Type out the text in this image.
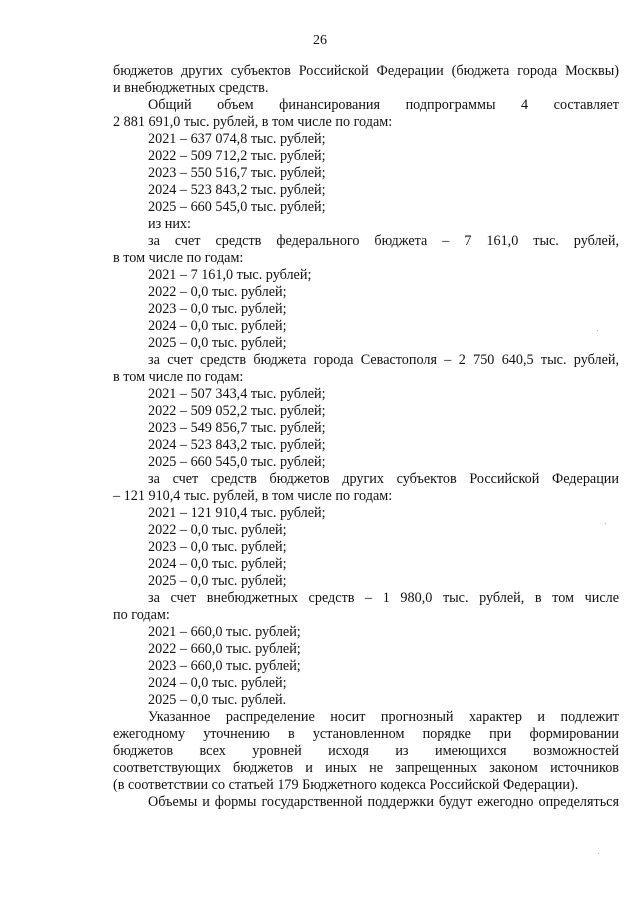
26
бюджетов других субъектов Российской Федерации (бюджета города Москвы)
и внебюджетных средств.
Общий объем финансирования подпрограммы 4 составляет
2 881 691,0 тыс. рублей, в том числе по годам:
2021 – 637 074,8 тыс. рублей;
2022 – 509 712,2 тыс. рублей;
2023 – 550 516,7 тыс. рублей;
2024 – 523 843,2 тыс. рублей;
2025 – 660 545,0 тыс. рублей;
из них:
за счет средств федерального бюджета – 7 161,0 тыс. рублей,
в том числе по годам:
2021 – 7 161,0 тыс. рублей;
2022 – 0,0 тыс. рублей;
2023 – 0,0 тыс. рублей;
2024 – 0,0 тыс. рублей;
2025 – 0,0 тыс. рублей;
за счет средств бюджета города Севастополя – 2 750 640,5 тыс. рублей,
в том числе по годам:
2021 – 507 343,4 тыс. рублей;
2022 – 509 052,2 тыс. рублей;
2023 – 549 856,7 тыс. рублей;
2024 – 523 843,2 тыс. рублей;
2025 – 660 545,0 тыс. рублей;
за счет средств бюджетов других субъектов Российской Федерации
– 121 910,4 тыс. рублей, в том числе по годам:
2021 – 121 910,4 тыс. рублей;
2022 – 0,0 тыс. рублей;
2023 – 0,0 тыс. рублей;
2024 – 0,0 тыс. рублей;
2025 – 0,0 тыс. рублей;
за счет внебюджетных средств – 1 980,0 тыс. рублей, в том числе
по годам:
2021 – 660,0 тыс. рублей;
2022 – 660,0 тыс. рублей;
2023 – 660,0 тыс. рублей;
2024 – 0,0 тыс. рублей;
2025 – 0,0 тыс. рублей.
Указанное распределение носит прогнозный характер и подлежит
ежегодному уточнению в установленном порядке при формировании
бюджетов всех уровней исходя из имеющихся возможностей
соответствующих бюджетов и иных не запрещенных законом источников
(в соответствии со статьей 179 Бюджетного кодекса Российской Федерации).
Объемы и формы государственной поддержки будут ежегодно определяться
